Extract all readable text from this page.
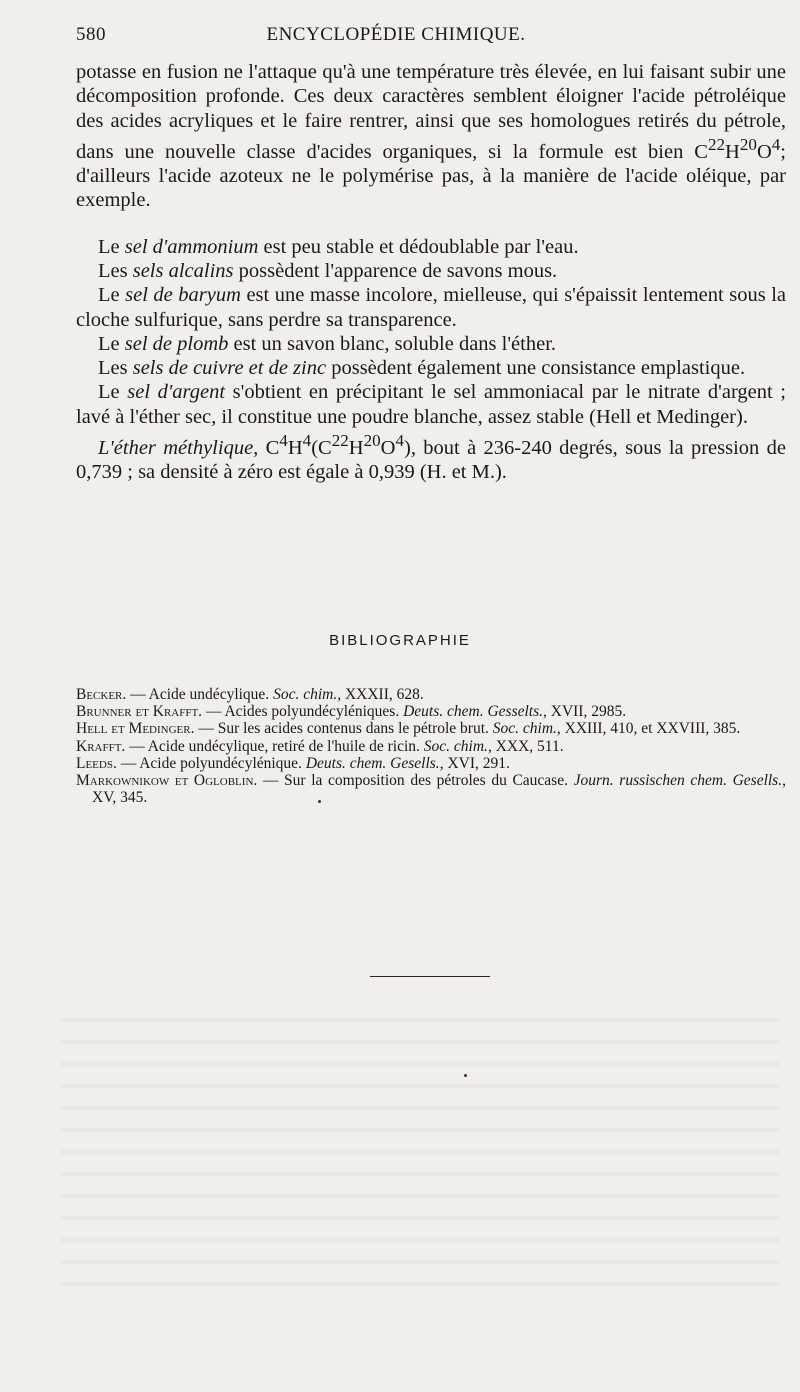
580	ENCYCLOPÉDIE CHIMIQUE.

potasse en fusion ne l'attaque qu'à une température très élevée, en lui faisant subir une décomposition profonde. Ces deux caractères semblent éloigner l'acide pétroléique des acides acryliques et le faire rentrer, ainsi que ses homologues retirés du pétrole, dans une nouvelle classe d'acides organiques, si la formule est bien $C^{22}H^{20}O^4$; d'ailleurs l'acide azoteux ne le polymérise pas, à la manière de l'acide oléique, par exemple.

Le sel d'ammonium est peu stable et dédoublable par l'eau.

Les sels alcalins possèdent l'apparence de savons mous.

Le sel de baryum est une masse incolore, mielleuse, qui s'épaissit lentement sous la cloche sulfurique, sans perdre sa transparence.

Le sel de plomb est un savon blanc, soluble dans l'éther.

Les sels de cuivre et de zinc possèdent également une consistance emplastique.

Le sel d'argent s'obtient en précipitant le sel ammoniacal par le nitrate d'argent ; lavé à l'éther sec, il constitue une poudre blanche, assez stable (Hell et Medinger).

L'éther méthylique, $C^4H^4(C^{22}H^{20}O^4)$, bout à 236-240 degrés, sous la pression de 0,739 ; sa densité à zéro est égale à 0,939 (H. et M.).

BIBLIOGRAPHIE

Becker. — Acide undécylique. Soc. chim., XXXII, 628.

Brunner et Krafft. — Acides polyundécyléniques. Deuts. chem. Gesselts., XVII, 2985.

Hell et Medinger. — Sur les acides contenus dans le pétrole brut. Soc. chim., XXIII, 410, et XXVIII, 385.

Krafft. — Acide undécylique, retiré de l'huile de ricin. Soc. chim., XXX, 511.

Leeds. — Acide polyundécylénique. Deuts. chem. Gesells., XVI, 291.

Markownikow et Ogloblin. — Sur la composition des pétroles du Caucase. Journ. russischen chem. Gesells., XV, 345.
